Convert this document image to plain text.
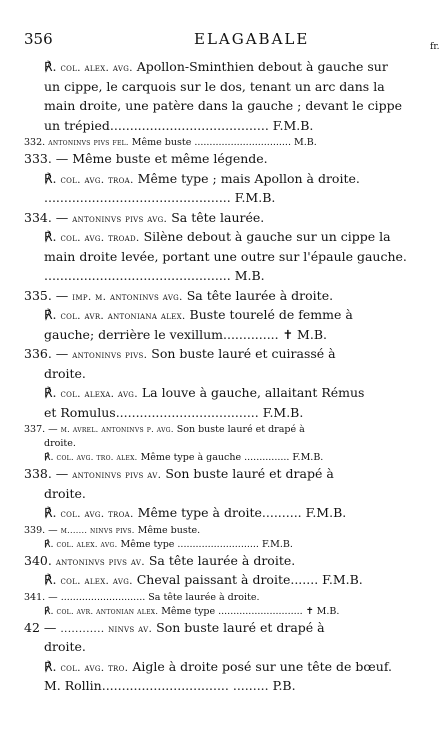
356	ELAGABALE	fr.
℟. col. alex. avg. Apollon-Sminthien debout à gauche sur
un cippe, le carquois sur le dos, tenant un arc dans la
main droite, une patère dans la gauche ; devant le cippe
un trépied........................................ F.M.B.
332. antoninvs pivs fel. Même buste ................................ M.B.
333. — Même buste et même légende.
℟. col. avg. troa. Même type ; mais Apollon à droite.
............................................... F.M.B.
334. — antoninvs pivs avg. Sa tête laurée.
℟. col. avg. troad. Silène debout à gauche sur un cippe la
main droite levée, portant une outre sur l'épaule gauche.
............................................... M.B.
335. — imp. m. antoninvs avg. Sa tête laurée à droite.
℟. col. avr. antoniana alex. Buste tourelé de femme à
gauche; derrière le vexillum.............. ✝ M.B.
336. — antoninvs pivs. Son buste lauré et cuirassé à
droite.
℟. col. alexa. avg. La louve à gauche, allaitant Rémus
et Romulus.................................... F.M.B.
337. — m. avrel. antoninvs p. avg. Son buste lauré et drapé à
droite.
℟. col. avg. tro. alex. Même type à gauche ............... F.M.B.
338. — antoninvs pivs av. Son buste lauré et drapé à
droite.
℟. col. avg. troa. Même type à droite.......... F.M.B.
339. — m....... ninvs pivs. Même buste.
℟. col. alex. avg. Même type ........................... F.M.B.
340. antoninvs pivs av. Sa tête laurée à droite.
℟. col. alex. avg. Cheval paissant à droite....... F.M.B.
341. — ............................ Sa tête laurée à droite.
℟. col. avr. antonian alex. Même type ............................ ✝ M.B.
42 — ............ ninvs av. Son buste lauré et drapé à
droite.
℟. col. avg. tro. Aigle à droite posé sur une tête de bœuf.
M. Rollin................................ ......... P.B.
